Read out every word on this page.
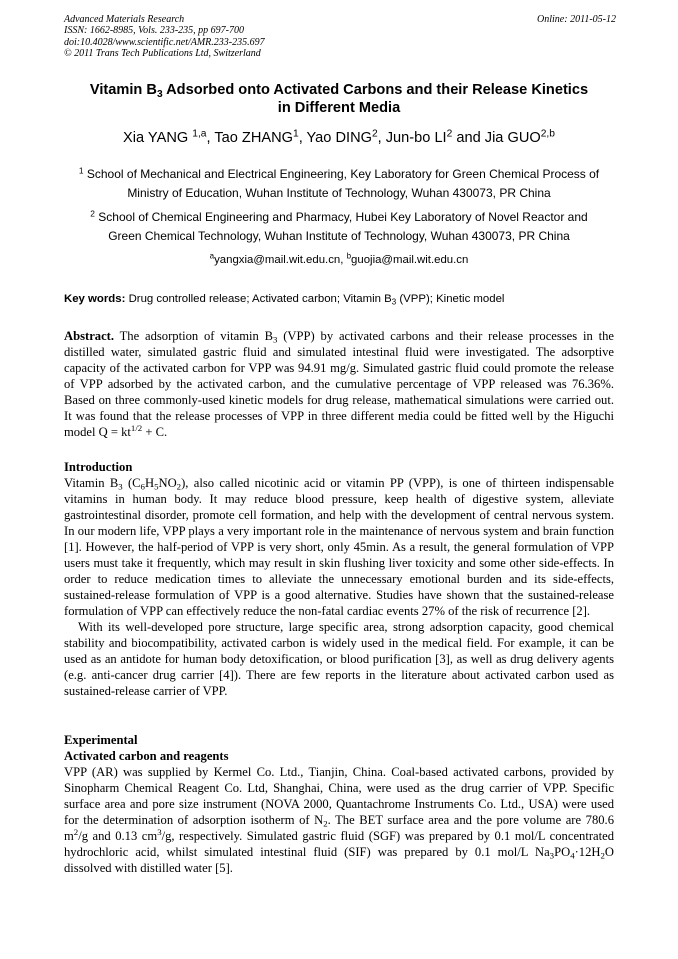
Advanced Materials Research
ISSN: 1662-8985, Vols. 233-235, pp 697-700
doi:10.4028/www.scientific.net/AMR.233-235.697
© 2011 Trans Tech Publications Ltd, Switzerland
Online: 2011-05-12
Vitamin $B_3$ Adsorbed onto Activated Carbons and their Release Kinetics
in Different Media
Xia YANG $^{1,a}$, Tao ZHANG$^1$, Yao DING$^2$, Jun-bo $LI^2$ and Jia GUO$^{2,b}$
$^1$ School of Mechanical and Electrical Engineering, Key Laboratory for Green Chemical Process of
Ministry of Education, Wuhan Institute of Technology, Wuhan 430073, PR China
$^2$ School of Chemical Engineering and Pharmacy, Hubei Key Laboratory of Novel Reactor and
Green Chemical Technology, Wuhan Institute of Technology, Wuhan 430073, PR China
$^a$yangxia@mail.wit.edu.cn, $^b$guojia@mail.wit.edu.cn
Key words: Drug controlled release; Activated carbon; Vitamin $B_3$ (VPP); Kinetic model

Abstract. The adsorption of vitamin $B_3$ (VPP) by activated carbons and their release processes in the distilled water, simulated gastric fluid and simulated intestinal fluid were investigated. The adsorptive capacity of the activated carbon for VPP was 94.91 mg/g. Simulated gastric fluid could promote the release of VPP adsorbed by the activated carbon, and the cumulative percentage of VPP released was 76.36%. Based on three commonly-used kinetic models for drug release, mathematical simulations were carried out. It was found that the release processes of VPP in three different media could be fitted well by the Higuchi model $Q = kt^{1/2} + C$.

Introduction

Vitamin $B_3$ $(C_6H_5NO_2)$, also called nicotinic acid or vitamin PP (VPP), is one of thirteen indispensable vitamins in human body. It may reduce blood pressure, keep health of digestive system, alleviate gastrointestinal disorder, promote cell formation, and help with the development of central nervous system. In our modern life, VPP plays a very important role in the maintenance of nervous system and brain function [1]. However, the half-period of VPP is very short, only 45min. As a result, the general formulation of VPP users must take it frequently, which may result in skin flushing liver toxicity and some other side-effects. In order to reduce medication times to alleviate the unnecessary emotional burden and its side-effects, sustained-release formulation of VPP is a good alternative. Studies have shown that the sustained-release formulation of VPP can effectively reduce the non-fatal cardiac events 27% of the risk of recurrence [2].

With its well-developed pore structure, large specific area, strong adsorption capacity, good chemical stability and biocompatibility, activated carbon is widely used in the medical field. For example, it can be used as an antidote for human body detoxification, or blood purification [3], as well as drug delivery agents (e.g. anti-cancer drug carrier [4]). There are few reports in the literature about activated carbon used as sustained-release carrier of VPP.

Experimental
Activated carbon and reagents

VPP (AR) was supplied by Kermel Co. Ltd., Tianjin, China. Coal-based activated carbons, provided by Sinopharm Chemical Reagent Co. Ltd, Shanghai, China, were used as the drug carrier of VPP. Specific surface area and pore size instrument (NOVA 2000, Quantachrome Instruments Co. Ltd., USA) were used for the determination of adsorption isotherm of $N_2$. The BET surface area and the pore volume are 780.6 $m^2/g$ and 0.13 $cm^3/g$, respectively. Simulated gastric fluid (SGF) was prepared by 0.1 mol/L concentrated hydrochloric acid, whilst simulated intestinal fluid (SIF) was prepared by 0.1 mol/L $Na_3PO_4\cdot 12H_2O$ dissolved with distilled water [5].
